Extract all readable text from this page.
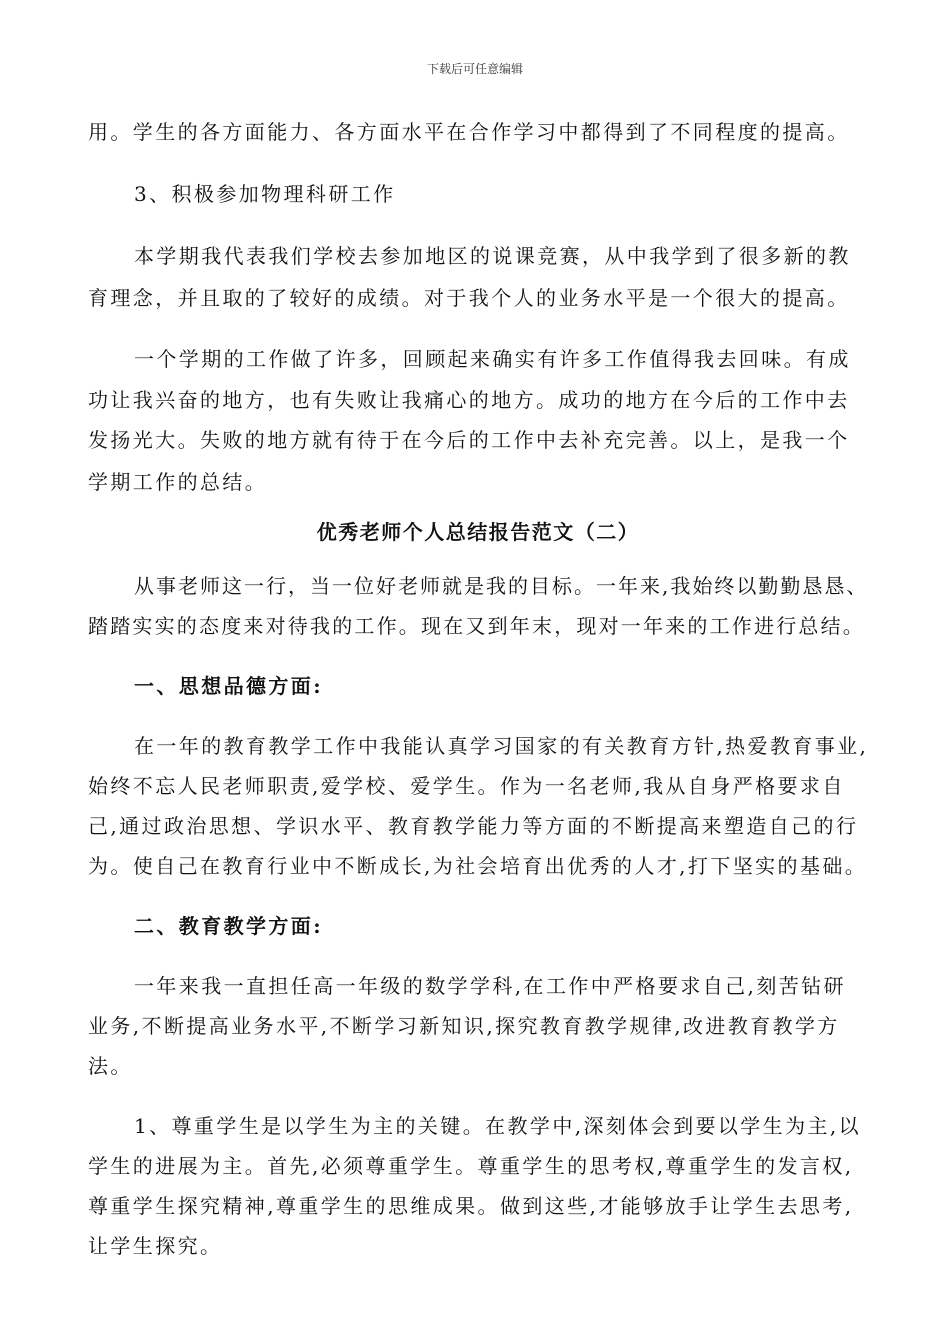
下载后可任意编辑
用。学生的各方面能力、各方面水平在合作学习中都得到了不同程度的提高。
3、积极参加物理科研工作
本学期我代表我们学校去参加地区的说课竞赛，从中我学到了很多新的教
育理念，并且取的了较好的成绩。对于我个人的业务水平是一个很大的提高。
一个学期的工作做了许多，回顾起来确实有许多工作值得我去回味。有成
功让我兴奋的地方，也有失败让我痛心的地方。成功的地方在今后的工作中去
发扬光大。失败的地方就有待于在今后的工作中去补充完善。以上，是我一个
学期工作的总结。
优秀老师个人总结报告范文（二）
从事老师这一行，当一位好老师就是我的目标。一年来,我始终以勤勤恳恳、
踏踏实实的态度来对待我的工作。现在又到年末，现对一年来的工作进行总结。
一、思想品德方面:
在一年的教育教学工作中我能认真学习国家的有关教育方针,热爱教育事业,
始终不忘人民老师职责,爱学校、爱学生。作为一名老师,我从自身严格要求自
己,通过政治思想、学识水平、教育教学能力等方面的不断提高来塑造自己的行
为。使自己在教育行业中不断成长,为社会培育出优秀的人才,打下坚实的基础。
二、教育教学方面:
一年来我一直担任高一年级的数学学科,在工作中严格要求自己,刻苦钻研
业务,不断提高业务水平,不断学习新知识,探究教育教学规律,改进教育教学方
法。
1、尊重学生是以学生为主的关键。在教学中,深刻体会到要以学生为主,以
学生的进展为主。首先,必须尊重学生。尊重学生的思考权,尊重学生的发言权,
尊重学生探究精神,尊重学生的思维成果。做到这些,才能够放手让学生去思考,
让学生探究。
